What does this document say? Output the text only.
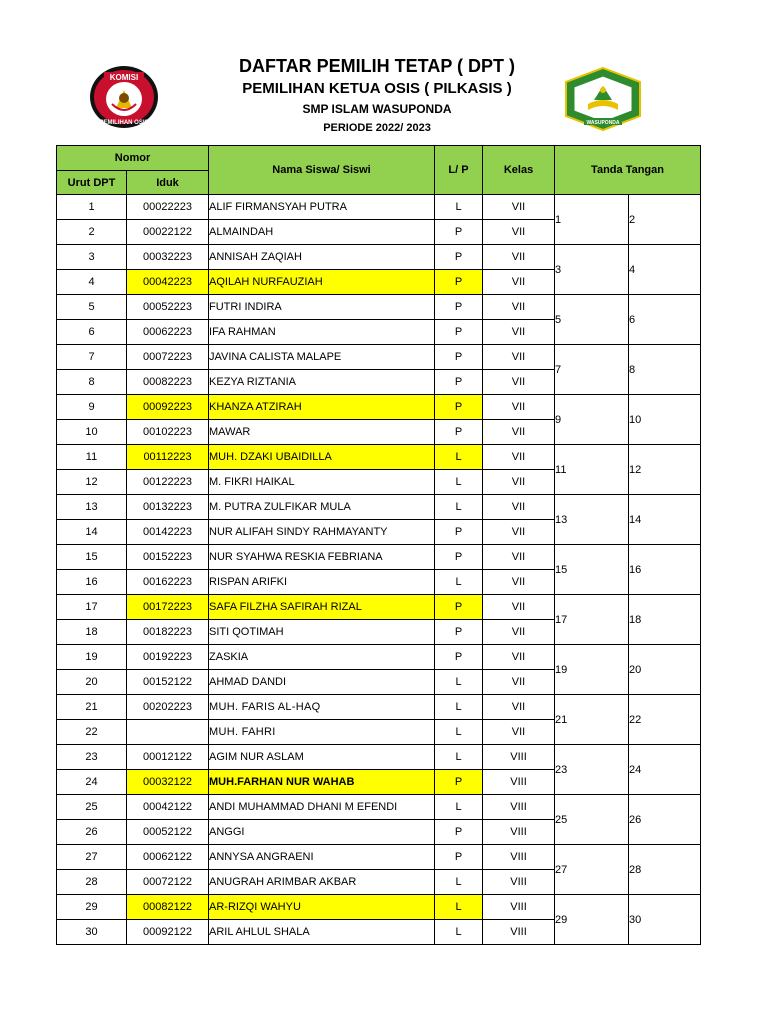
KOMISI
PEMILIHAN OSIS
DAFTAR PEMILIH TETAP ( DPT )
PEMILIHAN KETUA OSIS ( PILKASIS )
SMP ISLAM WASUPONDA
PERIODE 2022/ 2023	WASUPONDA
Nomor		Nama Siswa/ Siswi	L/ P	Kelas	Tanda Tangan	
Urut DPT	Iduk					
1	00022223	ALIF FIRMANSYAH PUTRA	L	VII	1	2

2	00022122	ALMAINDAH	P	VII		
3	00032223	ANNISAH ZAQIAH	P	VII	3	4

4	00042223	AQILAH NURFAUZIAH	P	VII		
5	00052223	FUTRI INDIRA	P	VII	5	6

6	00062223	IFA RAHMAN	P	VII		
7	00072223	JAVINA CALISTA MALAPE	P	VII	7	8

8	00082223	KEZYA RIZTANIA	P	VII		
9	00092223	KHANZA ATZIRAH	P	VII	9	10

10	00102223	MAWAR	P	VII		
11	00112223	MUH. DZAKI UBAIDILLA	L	VII	11	12

12	00122223	M. FIKRI HAIKAL	L	VII		
13	00132223	M. PUTRA ZULFIKAR MULA	L	VII	13	14

14	00142223	NUR ALIFAH SINDY RAHMAYANTY	P	VII		
15	00152223	NUR SYAHWA RESKIA FEBRIANA	P	VII	15	16

16	00162223	RISPAN ARIFKI	L	VII		
17	00172223	SAFA FILZHA SAFIRAH RIZAL	P	VII	17	18

18	00182223	SITI QOTIMAH	P	VII		
19	00192223	ZASKIA	P	VII	19	20

20	00152122	AHMAD DANDI	L	VII		
21	00202223	MUH. FARIS AL-HAQ	L	VII	21	22

22		MUH. FAHRI	L	VII		
23	00012122	AGIM NUR ASLAM	L	VIII	23	24

24	00032122	MUH.FARHAN NUR WAHAB	P	VIII		
25	00042122	ANDI MUHAMMAD DHANI M EFENDI	L	VIII	25	26

26	00052122	ANGGI	P	VIII		
27	00062122	ANNYSA ANGRAENI	P	VIII	27	28

28	00072122	ANUGRAH ARIMBAR AKBAR	L	VIII		
29	00082122	AR-RIZQI WAHYU	L	VIII	29	30

30	00092122	ARIL AHLUL SHALA	L	VIII		
